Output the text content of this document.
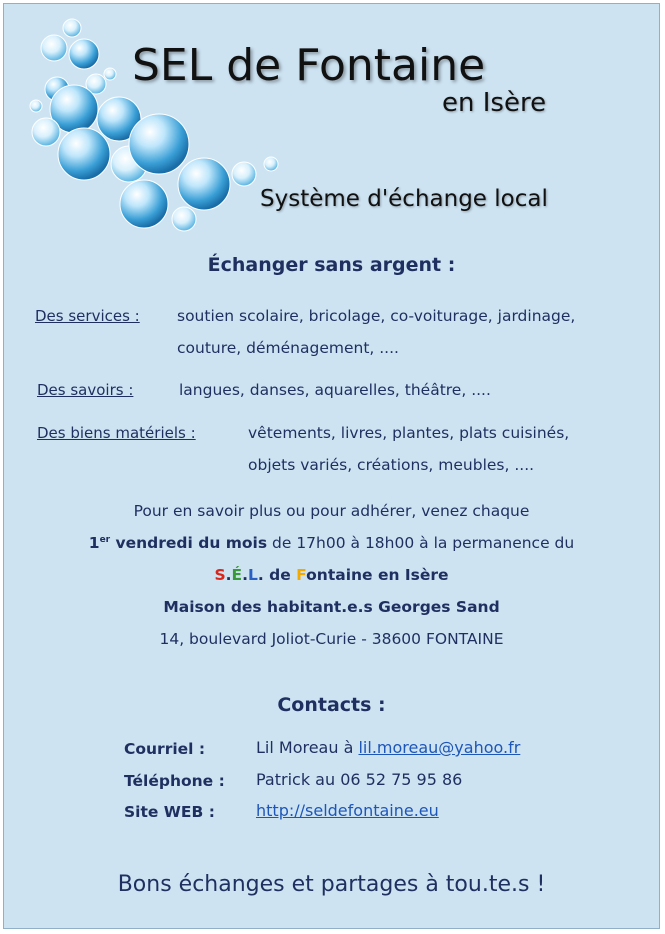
SEL de Fontaine
en Isère
Système d'échange local
Échanger sans argent :
Des services : soutien scolaire, bricolage, co-voiturage, jardinage,
couture, déménagement, ....
Des savoirs :	langues, danses, aquarelles, théâtre, ....
Des biens matériels :	vêtements, livres, plantes, plats cuisinés,
objets variés, créations, meubles, ....
Pour en savoir plus ou pour adhérer, venez chaque
1er vendredi du mois de 17h00 à 18h00 à la permanence du
S.É.L. de Fontaine en Isère
Maison des habitant.e.s Georges Sand
14, boulevard Joliot-Curie - 38600 FONTAINE
Contacts :
Courriel :	Lil Moreau à lil.moreau@yahoo.fr
Téléphone : Patrick au 06 52 75 95 86
Site WEB :	http://seldefontaine.eu
Bons échanges et partages à tou.te.s !
